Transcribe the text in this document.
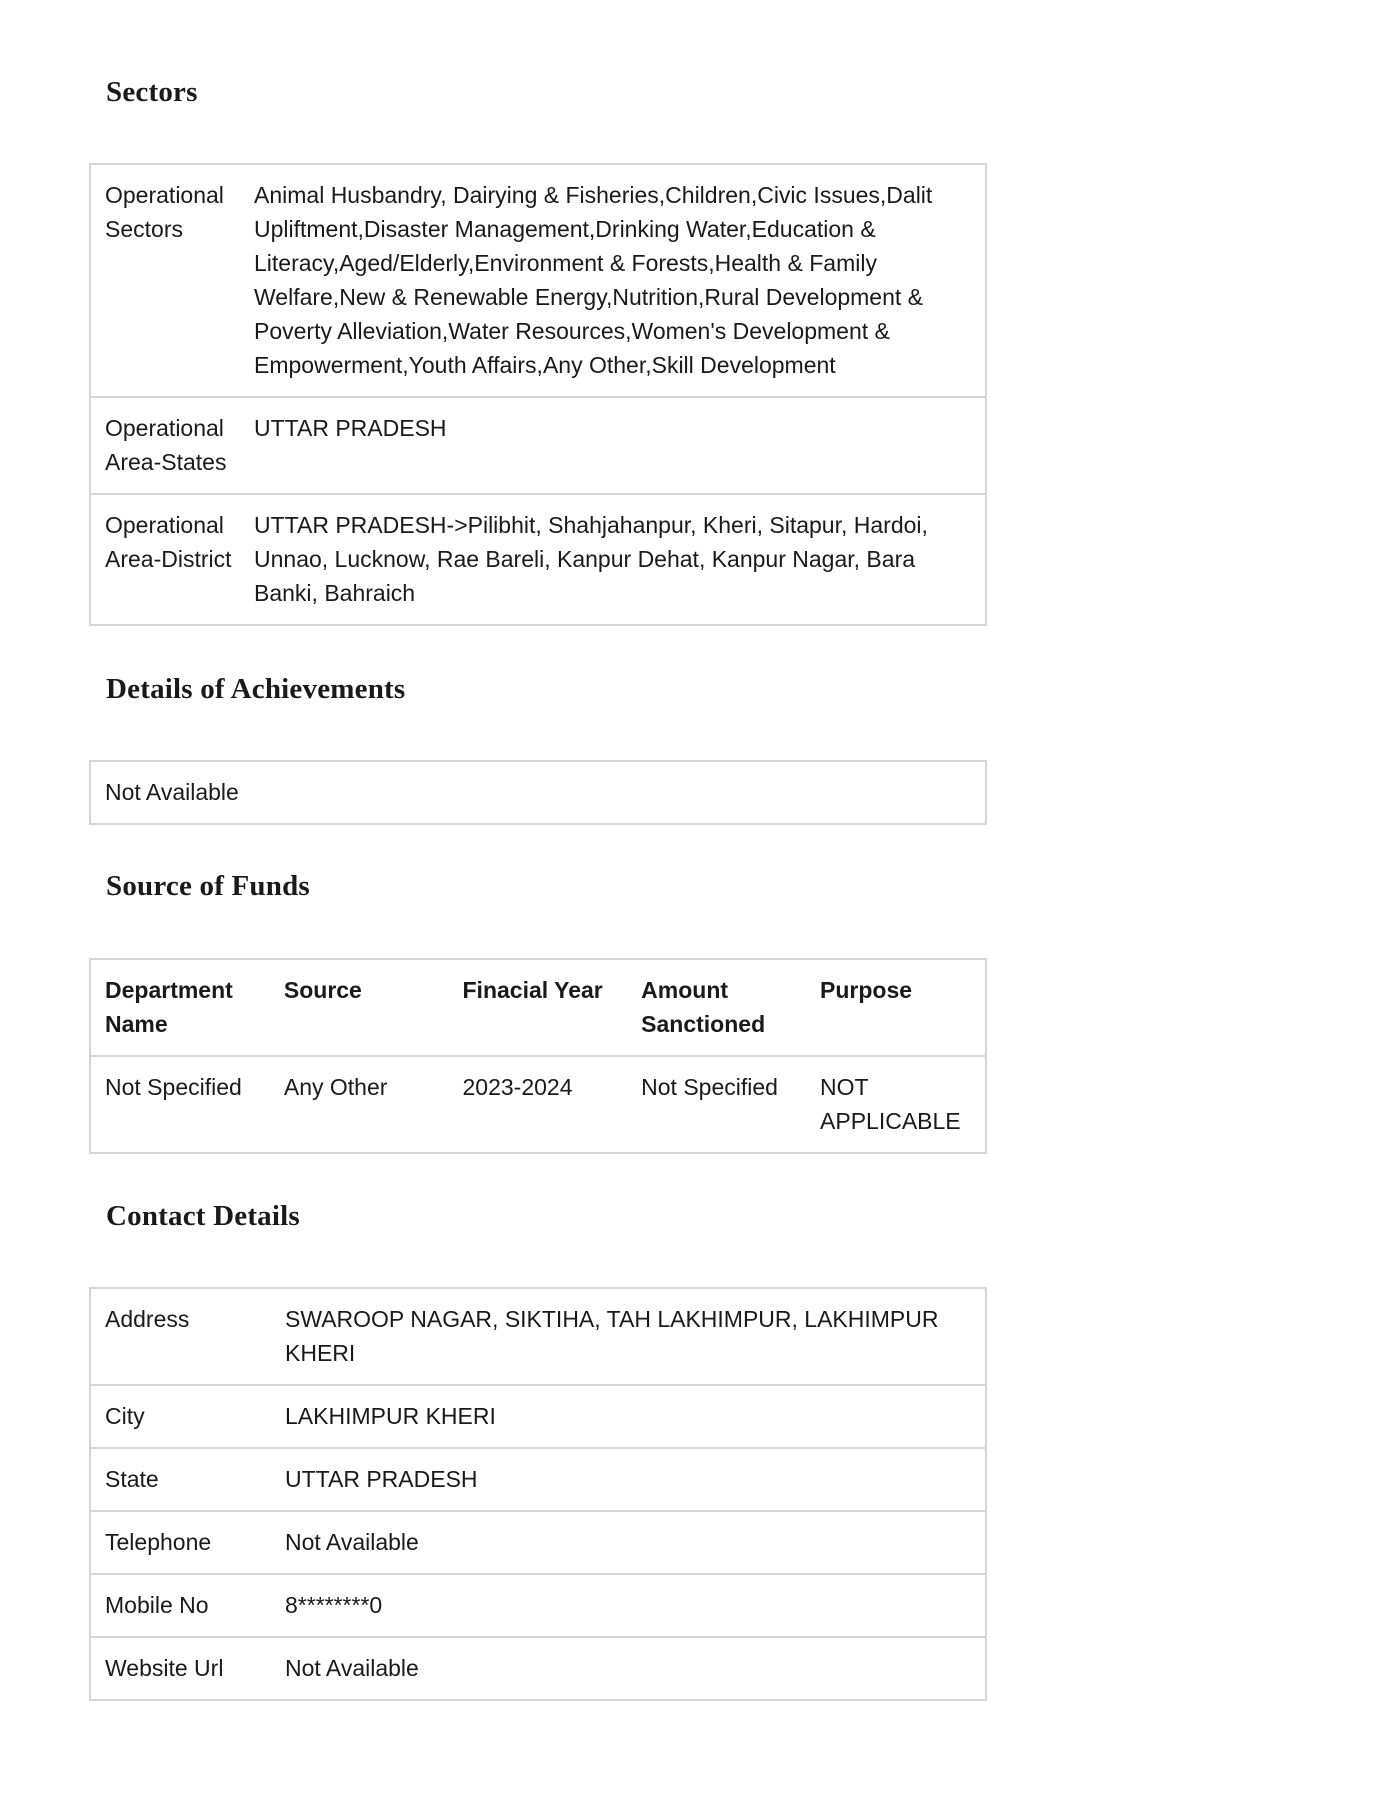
Sectors
Operational Sectors	Animal Husbandry, Dairying & Fisheries,Children,Civic Issues,Dalit Upliftment,Disaster Management,Drinking Water,Education & Literacy,Aged/Elderly,Environment & Forests,Health & Family Welfare,New & Renewable Energy,Nutrition,Rural Development & Poverty Alleviation,Water Resources,Women's Development & Empowerment,Youth Affairs,Any Other,Skill Development
Operational Area-States	UTTAR PRADESH
Operational Area-District	UTTAR PRADESH->Pilibhit, Shahjahanpur, Kheri, Sitapur, Hardoi, Unnao, Lucknow, Rae Bareli, Kanpur Dehat, Kanpur Nagar, Bara Banki, Bahraich
Details of Achievements
Not Available
Source of Funds
Department Name	Source	Finacial Year	Amount Sanctioned	Purpose
Not Specified	Any Other	2023-2024	Not Specified	NOT APPLICABLE
Contact Details
Address	SWAROOP NAGAR, SIKTIHA, TAH LAKHIMPUR, LAKHIMPUR KHERI
City	LAKHIMPUR KHERI
State	UTTAR PRADESH
Telephone	Not Available
Mobile No	8********0
Website Url	Not Available
